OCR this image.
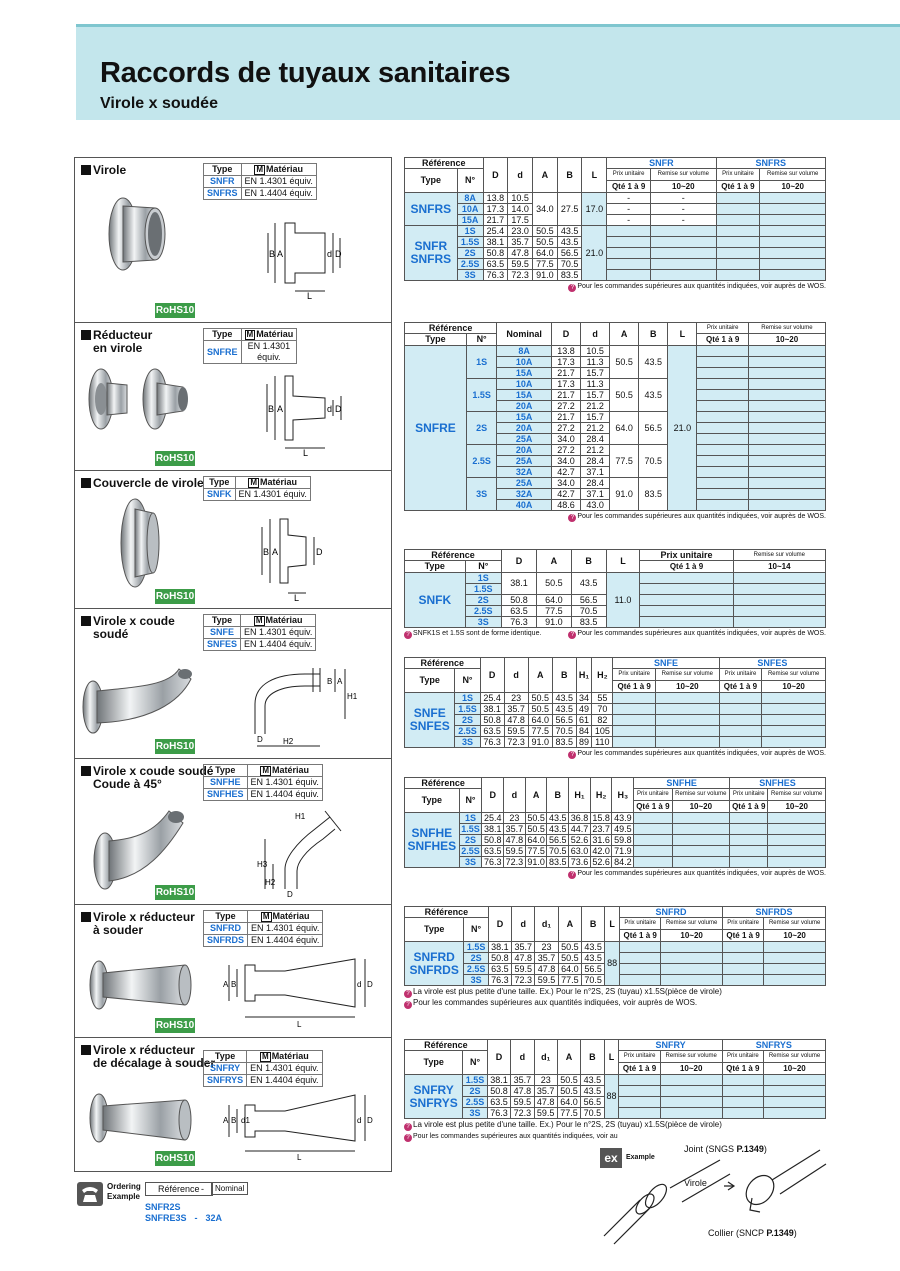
Raccords de tuyaux sanitaires
Virole x soudée
Virole	Type	M Matériau
SNFR	EN 1.4301 équiv.
SNFRS	EN 1.4404 équiv.
B A	d D
L
RoHS10
Réducteur
en virole
Type	M Matériau
SNFRE	EN 1.4301
équiv.
B A	d D
L
RoHS10
Couvercle de virole Type	M Matériau
SNFK	EN 1.4301 équiv.
B A	D
L
RoHS10
Virole x coude
soudé
Type	M Matériau
SNFE	EN 1.4301 équiv.
SNFES	EN 1.4404 équiv.
B A
H1
H2
D
RoHS10
Virole x coude soudé
Coude à 45°
Type	M Matériau
SNFHE	EN 1.4301 équiv.
SNFHES	EN 1.4404 équiv.
H3
H2
H1
D
RoHS10
Virole x réducteur
à souder
Type	M Matériau
SNFRD	EN 1.4301 équiv.
SNFRDS	EN 1.4404 équiv.
A B	d D
L
RoHS10
Virole x réducteur
de décalage à souder Type	M Matériau
SNFRY	EN 1.4301 équiv.
SNFRYS	EN 1.4404 équiv.
A B d1	d D
L
RoHS10
Référence		D	d	A	B	L	SNFR		SNFRS	
Type	N°						Prix unitaire	Remise sur volume	Prix unitaire	Remise sur volume
							Qté 1 à 9	10~20	Qté 1 à 9	10~20
SNFRS	8A	13.8	10.5	34.0	27.5	17.0	-	-		
	10A	17.3	14.0				-	-		
	15A	21.7	17.5				-	-		
SNFR
SNFRS	1S	25.4	23.0	50.5	43.5	21.0				
	1.5S	38.1	35.7	50.5	43.5					
	2S	50.8	47.8	64.0	56.5					
	2.5S	63.5	59.5	77.5	70.5					
	3S	76.3	72.3	91.0	83.5					
? Pour les commandes supérieures aux quantités indiquées, voir auprès de WOS.
Référence		Nominal	D	d	A	B	L	Prix unitaire	Remise sur volume
Type	N°							Qté 1 à 9	10~20
SNFRE	1S	8A	13.8	10.5	50.5	43.5	21.0		
		10A	17.3	11.3					
		15A	21.7	15.7					
	1.5S	10A	17.3	11.3	50.5	43.5			
		15A	21.7	15.7					
		20A	27.2	21.2					
	2S	15A	21.7	15.7	64.0	56.5			
		20A	27.2	21.2					
		25A	34.0	28.4					
	2.5S	20A	27.2	21.2	77.5	70.5			
		25A	34.0	28.4					
		32A	42.7	37.1					
	3S	25A	34.0	28.4	91.0	83.5			
		32A	42.7	37.1					
		40A	48.6	43.0					
? Pour les commandes supérieures aux quantités indiquées, voir auprès de WOS.
Référence		D	A	B	L	Prix unitaire	Remise sur volume
Type	N°					Qté 1 à 9	10~14
SNFK	1S	38.1	50.5	43.5	11.0		
	1.5S						
	2S	50.8	64.0	56.5			
	2.5S	63.5	77.5	70.5			
	3S	76.3	91.0	83.5			
? SNFK1S et 1.5S sont de forme identique.	? Pour les commandes supérieures aux quantités indiquées, voir auprès de WOS.
Référence		D	d	A	B	H₁	H₂	SNFE		SNFES	
Type	N°							Prix unitaire	Remise sur volume	Prix unitaire	Remise sur volume
								Qté 1 à 9	10~20	Qté 1 à 9	10~20
SNFE
SNFES	1S	25.4	23	50.5	43.5	34	55				
	1.5S	38.1	35.7	50.5	43.5	49	70				
	2S	50.8	47.8	64.0	56.5	61	82				
	2.5S	63.5	59.5	77.5	70.5	84	105				
	3S	76.3	72.3	91.0	83.5	89	110				
? Pour les commandes supérieures aux quantités indiquées, voir auprès de WOS.
Référence		D	d	A	B	H₁	H₂	H₃	SNFHE		SNFHES	
Type	N°								Prix unitaire	Remise sur volume	Prix unitaire	Remise sur volume
									Qté 1 à 9	10~20	Qté 1 à 9	10~20
SNFHE
SNFHES	1S	25.4	23	50.5	43.5	36.8	15.8	43.9				
	1.5S	38.1	35.7	50.5	43.5	44.7	23.7	49.5				
	2S	50.8	47.8	64.0	56.5	52.6	31.6	59.8				
	2.5S	63.5	59.5	77.5	70.5	63.0	42.0	71.9				
	3S	76.3	72.3	91.0	83.5	73.6	52.6	84.2				
? Pour les commandes supérieures aux quantités indiquées, voir auprès de WOS.
Référence		D	d	d₁	A	B	L	SNFRD		SNFRDS	
Type	N°							Prix unitaire	Remise sur volume	Prix unitaire	Remise sur volume
								Qté 1 à 9	10~20	Qté 1 à 9	10~20
SNFRD
SNFRDS	1.5S	38.1	35.7	23	50.5	43.5	88				
	2S	50.8	47.8	35.7	50.5	43.5					
	2.5S	63.5	59.5	47.8	64.0	56.5					
	3S	76.3	72.3	59.5	77.5	70.5					
? La virole est plus petite d'une taille. Ex.) Pour le n°2S, 2S (tuyau) x1.5S(pièce de virole)
? Pour les commandes supérieures aux quantités indiquées, voir auprès de WOS.
Référence		D	d	d₁	A	B	L	SNFRY		SNFRYS	
Type	N°							Prix unitaire	Remise sur volume	Prix unitaire	Remise sur volume
								Qté 1 à 9	10~20	Qté 1 à 9	10~20
SNFRY
SNFRYS	1.5S	38.1	35.7	23	50.5	43.5	88				
	2S	50.8	47.8	35.7	50.5	43.5					
	2.5S	63.5	59.5	47.8	64.0	56.5					
	3S	76.3	72.3	59.5	77.5	70.5					
? La virole est plus petite d'une taille. Ex.) Pour le n°2S, 2S (tuyau) x1.5S(pièce de virole)
? Pour les commandes supérieures aux quantités indiquées, voir au
Ordering
Example
Référence -	Nominal
SNFR2S
SNFRE3S - 32A
ex	Example
Joint (SNGS P.1349)
Virole
Collier (SNCP P.1349)
